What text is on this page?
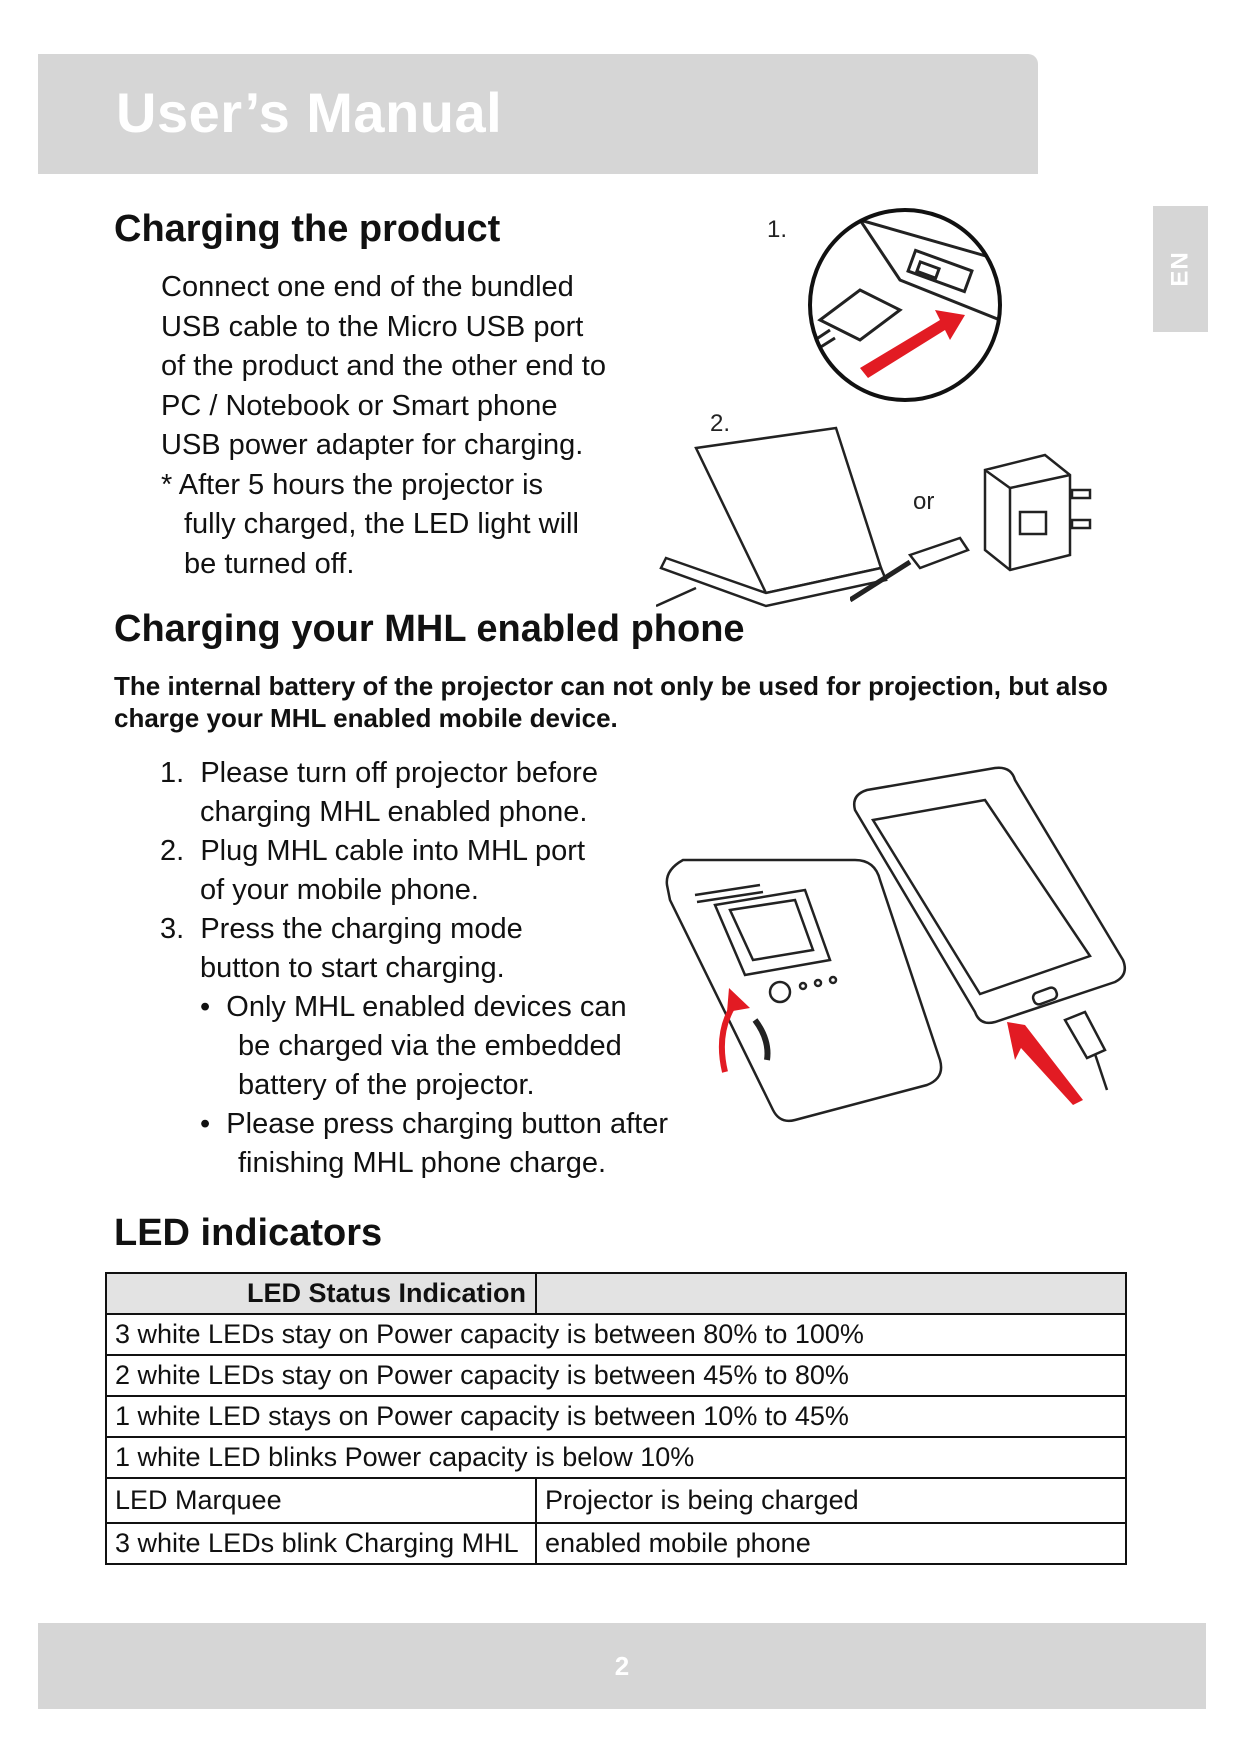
User’s Manual
EN
Charging the product
Connect one end of the bundled
USB cable to the Micro USB port
of the product and the other end to
PC / Notebook or Smart phone
USB power adapter for charging.
* After 5 hours the projector is
fully charged, the LED light will
be turned off.
1.
2.
or
Charging your MHL enabled phone
The internal battery of the projector can not only be used for projection, but also charge your MHL enabled mobile device.
1. Please turn off projector before
charging MHL enabled phone.
2. Plug MHL cable into MHL port
of your mobile phone.
3. Press the charging mode
button to start charging.
• Only MHL enabled devices can
be charged via the embedded
battery of the projector.
• Please press charging button after
finishing MHL phone charge.
LED indicators
LED Status Indication	
3 white LEDs stay on Power capacity is between 80% to 100%	
2 white LEDs stay on Power capacity is between 45% to 80%	
1 white LED stays on Power capacity is between 10% to 45%	
1 white LED blinks Power capacity is below 10%	
LED Marquee	Projector is being charged
3 white LEDs blink Charging MHL	enabled mobile phone
2
